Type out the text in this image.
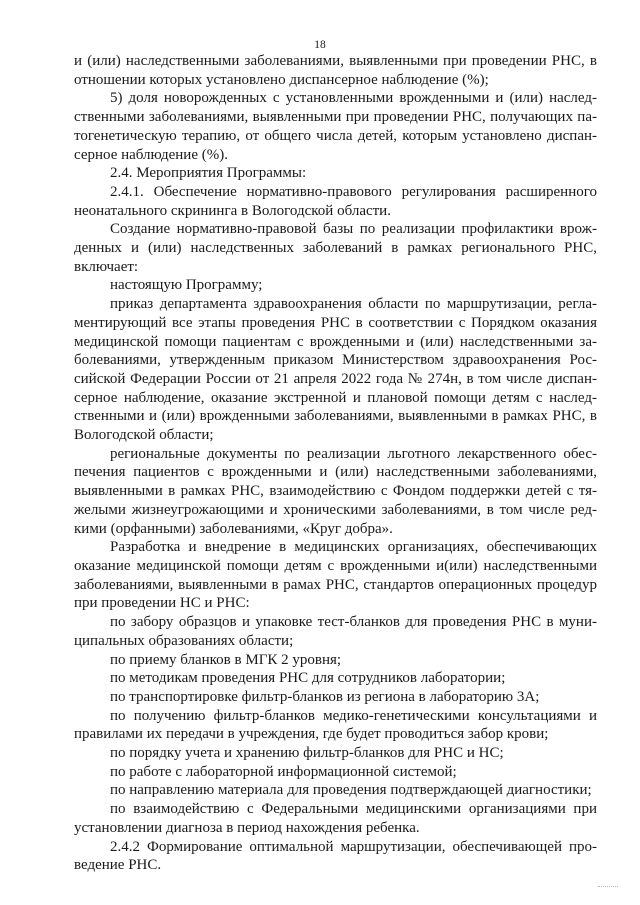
18

и (или) наследственными заболеваниями, выявленными при проведении РНС, в отношении которых установлено диспансерное наблюдение (%);

5) доля новорожденных с установленными врожденными и (или) наследственными заболеваниями, выявленными при проведении РНС, получающих патогенетическую терапию, от общего числа детей, которым установлено диспансерное наблюдение (%).

2.4. Мероприятия Программы:

2.4.1. Обеспечение нормативно-правового регулирования расширенного неонатального скрининга в Вологодской области.

Создание нормативно-правовой базы по реализации профилактики врожденных и (или) наследственных заболеваний в рамках регионального РНС, включает:

настоящую Программу;

приказ департамента здравоохранения области по маршрутизации, регламентирующий все этапы проведения РНС в соответствии с Порядком оказания медицинской помощи пациентам с врожденными и (или) наследственными заболеваниями, утвержденным приказом Министерством здравоохранения Российской Федерации России от 21 апреля 2022 года № 274н, в том числе диспансерное наблюдение, оказание экстренной и плановой помощи детям с наследственными и (или) врожденными заболеваниями, выявленными в рамках РНС, в Вологодской области;

региональные документы по реализации льготного лекарственного обеспечения пациентов с врожденными и (или) наследственными заболеваниями, выявленными в рамках РНС, взаимодействию с Фондом поддержки детей с тяжелыми жизнеугрожающими и хроническими заболеваниями, в том числе редкими (орфанными) заболеваниями, «Круг добра».

Разработка и внедрение в медицинских организациях, обеспечивающих оказание медицинской помощи детям с врожденными и(или) наследственными заболеваниями, выявленными в рамах РНС, стандартов операционных процедур при проведении НС и РНС:

по забору образцов и упаковке тест-бланков для проведения РНС в муниципальных образованиях области;

по приему бланков в МГК 2 уровня;

по методикам проведения РНС для сотрудников лаборатории;

по транспортировке фильтр-бланков из региона в лабораторию 3А;

по получению фильтр-бланков медико-генетическими консультациями и правилами их передачи в учреждения, где будет проводиться забор крови;

по порядку учета и хранению фильтр-бланков для РНС и НС;

по работе с лабораторной информационной системой;

по направлению материала для проведения подтверждающей диагностики;

по взаимодействию с Федеральными медицинскими организациями при установлении диагноза в период нахождения ребенка.

2.4.2 Формирование оптимальной маршрутизации, обеспечивающей проведение РНС.
